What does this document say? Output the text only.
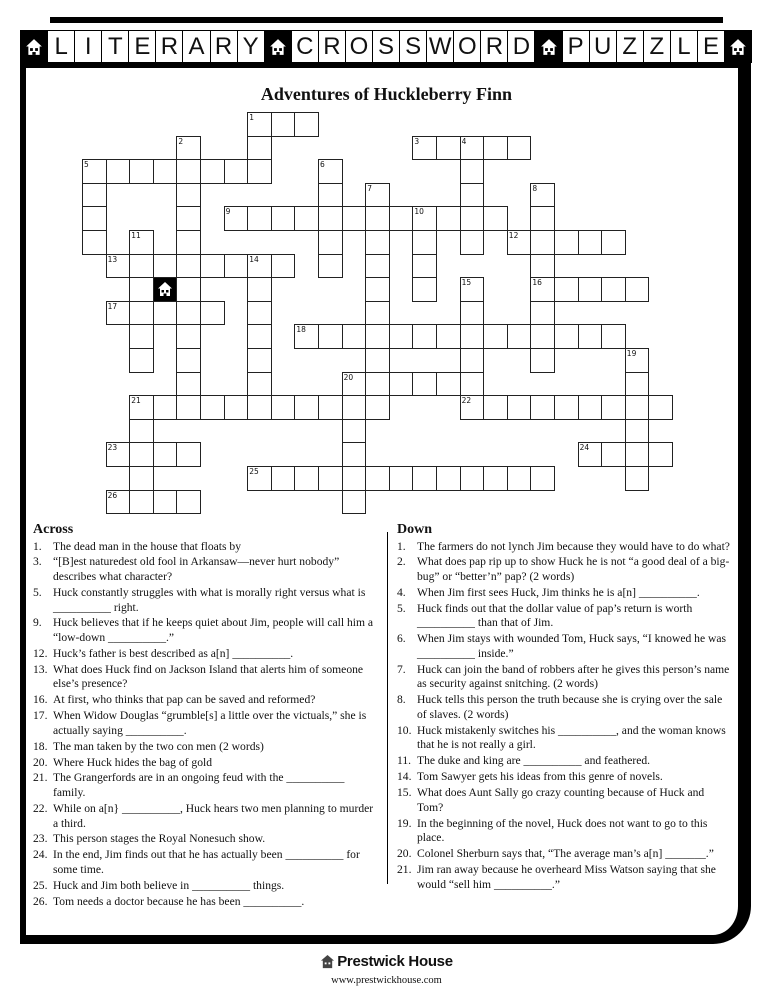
L I T E R A R Y C R O S S W O R D P U Z Z L E
Adventures of Huckleberry Finn
1
3	4
5
9	10
12
13	14
16
17
18
20
21	22
23	24
25
26
2
6
7	8
11
15
19
Across
1. The dead man in the house that floats by
3. “[B]est naturedest old fool in Arkansaw—never hurt nobody” describes what character?
5. Huck constantly struggles with what is morally right versus what is __________ right.
9. Huck believes that if he keeps quiet about Jim, people will call him a “low-down __________.”
12. Huck’s father is best described as a[n] __________.
13. What does Huck find on Jackson Island that alerts him of someone else’s presence?
16. At first, who thinks that pap can be saved and reformed?
17. When Widow Douglas “grumble[s] a little over the victuals,” she is actually saying __________.
18. The man taken by the two con men (2 words)
20. Where Huck hides the bag of gold
21. The Grangerfords are in an ongoing feud with the __________ family.
22. While on a[n} __________, Huck hears two men planning to murder a third.
23. This person stages the Royal Nonesuch show.
24. In the end, Jim finds out that he has actually been __________ for some time.
25. Huck and Jim both believe in __________ things.
26. Tom needs a doctor because he has been __________.
Down
1. The farmers do not lynch Jim because they would have to do what?
2. What does pap rip up to show Huck he is not “a good deal of a big-bug” or “better’n” pap? (2 words)
4. When Jim first sees Huck, Jim thinks he is a[n] __________.
5. Huck finds out that the dollar value of pap’s return is worth __________ than that of Jim.
6. When Jim stays with wounded Tom, Huck says, “I knowed he was __________ inside.”
7. Huck can join the band of robbers after he gives this person’s name as security against snitching. (2 words)
8. Huck tells this person the truth because she is crying over the sale of slaves. (2 words)
10. Huck mistakenly switches his __________, and the woman knows that he is not really a girl.
11. The duke and king are __________ and feathered.
14. Tom Sawyer gets his ideas from this genre of novels.
15. What does Aunt Sally go crazy counting because of Huck and Tom?
19. In the beginning of the novel, Huck does not want to go to this place.
20. Colonel Sherburn says that, “The average man’s a[n] _______.”
21. Jim ran away because he overheard Miss Watson saying that she would “sell him __________.”
Prestwick House
www.prestwickhouse.com
